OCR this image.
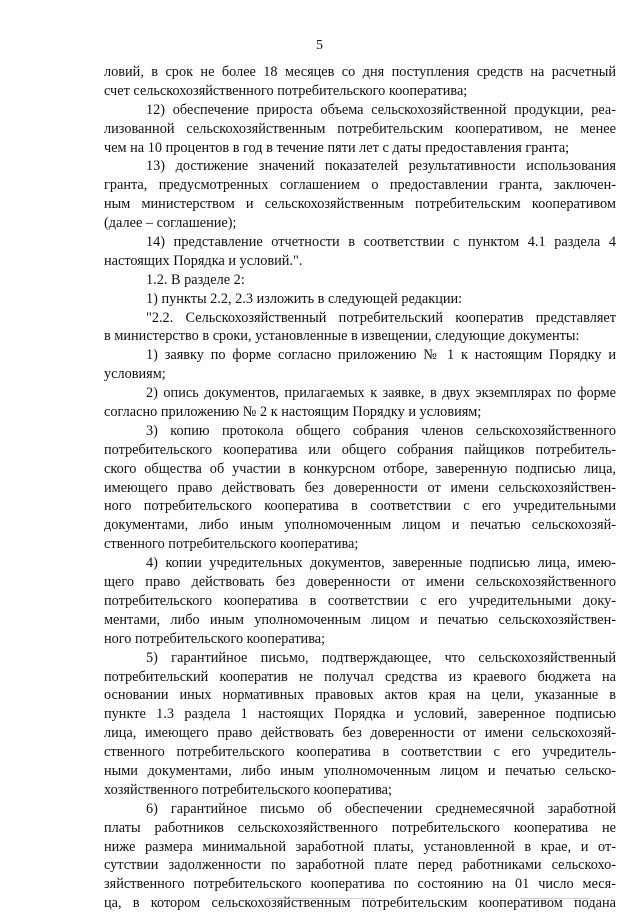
5
ловий, в срок не более 18 месяцев со дня поступления средств на расчетный
счет сельскохозяйственного потребительского кооператива;
12) обеспечение прироста объема сельскохозяйственной продукции, реа-
лизованной сельскохозяйственным потребительским кооперативом, не менее
чем на 10 процентов в год в течение пяти лет с даты предоставления гранта;
13) достижение значений показателей результативности использования
гранта, предусмотренных соглашением о предоставлении гранта, заключен-
ным министерством и сельскохозяйственным потребительским кооперативом
(далее – соглашение);
14) представление отчетности в соответствии с пунктом 4.1 раздела 4
настоящих Порядка и условий.".
1.2. В разделе 2:
1) пункты 2.2, 2.3 изложить в следующей редакции:
"2.2. Сельскохозяйственный потребительский кооператив представляет
в министерство в сроки, установленные в извещении, следующие документы:
1) заявку по форме согласно приложению № 1 к настоящим Порядку и
условиям;
2) опись документов, прилагаемых к заявке, в двух экземплярах по форме
согласно приложению № 2 к настоящим Порядку и условиям;
3) копию протокола общего собрания членов сельскохозяйственного
потребительского кооператива или общего собрания пайщиков потребитель-
ского общества об участии в конкурсном отборе, заверенную подписью лица,
имеющего право действовать без доверенности от имени сельскохозяйствен-
ного потребительского кооператива в соответствии с его учредительными
документами, либо иным уполномоченным лицом и печатью сельскохозяй-
ственного потребительского кооператива;
4) копии учредительных документов, заверенные подписью лица, имею-
щего право действовать без доверенности от имени сельскохозяйственного
потребительского кооператива в соответствии с его учредительными доку-
ментами, либо иным уполномоченным лицом и печатью сельскохозяйствен-
ного потребительского кооператива;
5) гарантийное письмо, подтверждающее, что сельскохозяйственный
потребительский кооператив не получал средства из краевого бюджета на
основании иных нормативных правовых актов края на цели, указанные в
пункте 1.3 раздела 1 настоящих Порядка и условий, заверенное подписью
лица, имеющего право действовать без доверенности от имени сельскохозяй-
ственного потребительского кооператива в соответствии с его учредитель-
ными документами, либо иным уполномоченным лицом и печатью сельско-
хозяйственного потребительского кооператива;
6) гарантийное письмо об обеспечении среднемесячной заработной
платы работников сельскохозяйственного потребительского кооператива не
ниже размера минимальной заработной платы, установленной в крае, и от-
сутствии задолженности по заработной плате перед работниками сельскохо-
зяйственного потребительского кооператива по состоянию на 01 число меся-
ца, в котором сельскохозяйственным потребительским кооперативом подана
